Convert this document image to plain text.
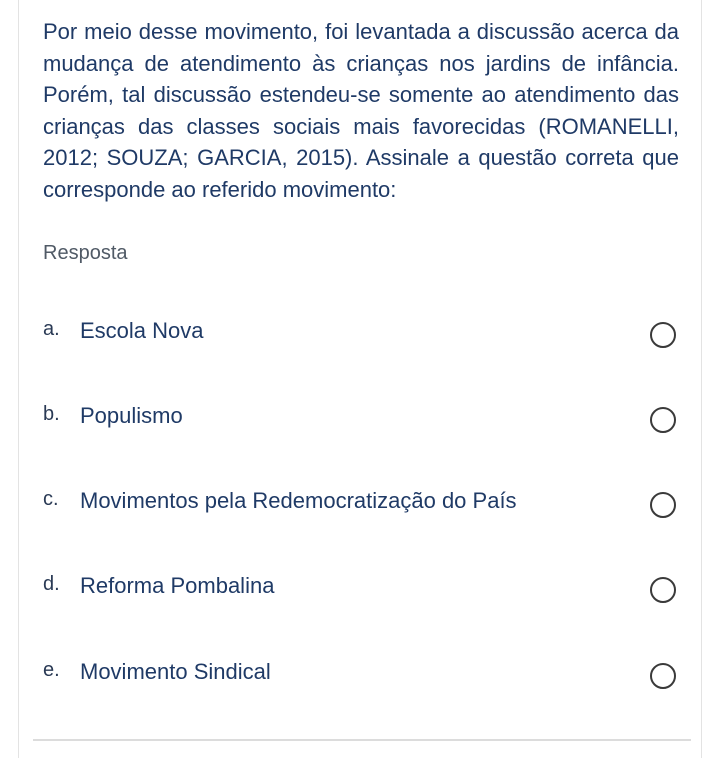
Por meio desse movimento, foi levantada a discussão acerca da mudança de atendimento às crianças nos jardins de infância. Porém, tal discussão estendeu-se somente ao atendimento das crianças das classes sociais mais favorecidas (ROMANELLI, 2012; SOUZA; GARCIA, 2015). Assinale a questão correta que corresponde ao referido movimento:

Resposta
a. Escola Nova
b. Populismo
c. Movimentos pela Redemocratização do País
d. Reforma Pombalina
e. Movimento Sindical
